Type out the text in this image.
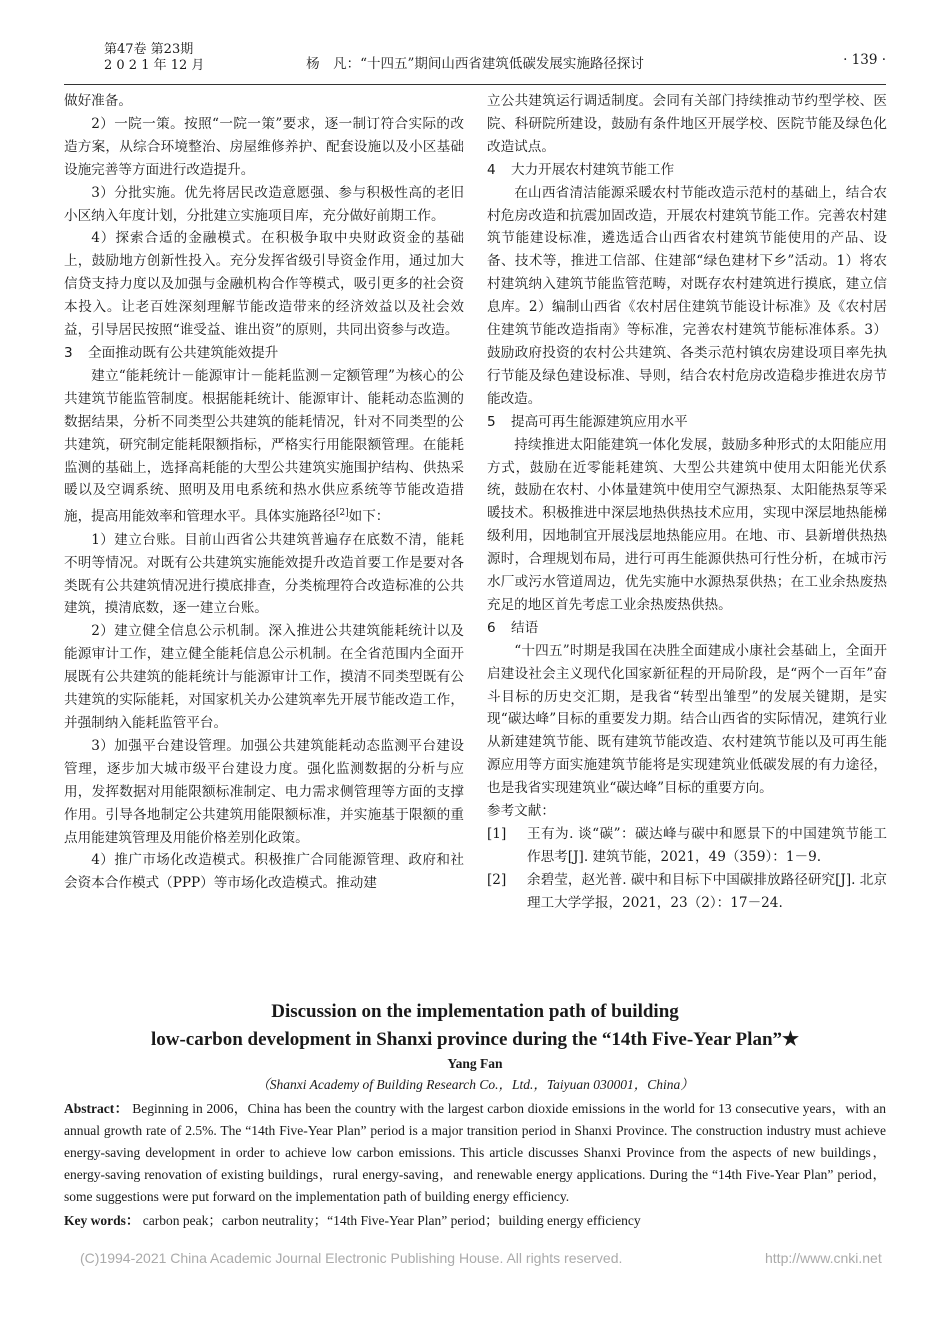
第47卷 第23期
2 0 2 1 年 12 月	杨　凡：“十四五”期间山西省建筑低碳发展实施路径探讨	· 139 ·

做好准备。

2）一院一策。按照“一院一策”要求，逐一制订符合实际的改造方案，从综合环境整治、房屋维修养护、配套设施以及小区基础设施完善等方面进行改造提升。

3）分批实施。优先将居民改造意愿强、参与积极性高的老旧小区纳入年度计划，分批建立实施项目库，充分做好前期工作。

4）探索合适的金融模式。在积极争取中央财政资金的基础上，鼓励地方创新性投入。充分发挥省级引导资金作用，通过加大信贷支持力度以及加强与金融机构合作等模式，吸引更多的社会资本投入。让老百姓深刻理解节能改造带来的经济效益以及社会效益，引导居民按照“谁受益、谁出资”的原则，共同出资参与改造。

3 全面推动既有公共建筑能效提升

建立“能耗统计－能源审计－能耗监测－定额管理”为核心的公共建筑节能监管制度。根据能耗统计、能源审计、能耗动态监测的数据结果，分析不同类型公共建筑的能耗情况，针对不同类型的公共建筑，研究制定能耗限额指标，严格实行用能限额管理。在能耗监测的基础上，选择高耗能的大型公共建筑实施围护结构、供热采暖以及空调系统、照明及用电系统和热水供应系统等节能改造措施，提高用能效率和管理水平。具体实施路径[2]如下：

1）建立台账。目前山西省公共建筑普遍存在底数不清，能耗不明等情况。对既有公共建筑实施能效提升改造首要工作是要对各类既有公共建筑情况进行摸底排查，分类梳理符合改造标准的公共建筑，摸清底数，逐一建立台账。

2）建立健全信息公示机制。深入推进公共建筑能耗统计以及能源审计工作，建立健全能耗信息公示机制。在全省范围内全面开展既有公共建筑的能耗统计与能源审计工作，摸清不同类型既有公共建筑的实际能耗，对国家机关办公建筑率先开展节能改造工作，并强制纳入能耗监管平台。

3）加强平台建设管理。加强公共建筑能耗动态监测平台建设管理，逐步加大城市级平台建设力度。强化监测数据的分析与应用，发挥数据对用能限额标准制定、电力需求侧管理等方面的支撑作用。引导各地制定公共建筑用能限额标准，并实施基于限额的重点用能建筑管理及用能价格差别化政策。

4）推广市场化改造模式。积极推广合同能源管理、政府和社会资本合作模式（PPP）等市场化改造模式。推动建

立公共建筑运行调适制度。会同有关部门持续推动节约型学校、医院、科研院所建设，鼓励有条件地区开展学校、医院节能及绿色化改造试点。

4 大力开展农村建筑节能工作

在山西省清洁能源采暖农村节能改造示范村的基础上，结合农村危房改造和抗震加固改造，开展农村建筑节能工作。完善农村建筑节能建设标准，遴选适合山西省农村建筑节能使用的产品、设备、技术等，推进工信部、住建部“绿色建材下乡”活动。1）将农村建筑纳入建筑节能监管范畴，对既存农村建筑进行摸底，建立信息库。2）编制山西省《农村居住建筑节能设计标准》及《农村居住建筑节能改造指南》等标准，完善农村建筑节能标准体系。3）鼓励政府投资的农村公共建筑、各类示范村镇农房建设项目率先执行节能及绿色建设标准、导则，结合农村危房改造稳步推进农房节能改造。

5 提高可再生能源建筑应用水平

持续推进太阳能建筑一体化发展，鼓励多种形式的太阳能应用方式，鼓励在近零能耗建筑、大型公共建筑中使用太阳能光伏系统，鼓励在农村、小体量建筑中使用空气源热泵、太阳能热泵等采暖技术。积极推进中深层地热供热技术应用，实现中深层地热能梯级利用，因地制宜开展浅层地热能应用。在地、市、县新增供热热源时，合理规划布局，进行可再生能源供热可行性分析，在城市污水厂或污水管道周边，优先实施中水源热泵供热；在工业余热废热充足的地区首先考虑工业余热废热供热。

6 结语

“十四五”时期是我国在决胜全面建成小康社会基础上，全面开启建设社会主义现代化国家新征程的开局阶段，是“两个一百年”奋斗目标的历史交汇期，是我省“转型出雏型”的发展关键期，是实现“碳达峰”目标的重要发力期。结合山西省的实际情况，建筑行业从新建建筑节能、既有建筑节能改造、农村建筑节能以及可再生能源应用等方面实施建筑节能将是实现建筑业低碳发展的有力途径，也是我省实现建筑业“碳达峰”目标的重要方向。

参考文献：

[1]	王有为. 谈“碳”：碳达峰与碳中和愿景下的中国建筑节能工作思考[J]. 建筑节能，2021，49（359）：1－9.
[2]	余碧莹，赵光普. 碳中和目标下中国碳排放路径研究[J]. 北京理工大学学报，2021，23（2）：17－24.
Discussion on the implementation path of building
low-carbon development in Shanxi province during the “14th Five-Year Plan”★
Yang Fan
（Shanxi Academy of Building Research Co.，Ltd.，Taiyuan 030001，China）
Abstract： Beginning in 2006，China has been the country with the largest carbon dioxide emissions in the world for 13 consecutive years，with an annual growth rate of 2.5%. The “14th Five-Year Plan” period is a major transition period in Shanxi Province. The construction industry must achieve energy-saving development in order to achieve low carbon emissions. This article discusses Shanxi Province from the aspects of new buildings，energy-saving renovation of existing buildings，rural energy-saving，and renewable energy applications. During the “14th Five-Year Plan” period，some suggestions were put forward on the implementation path of building energy efficiency.
Key words： carbon peak；carbon neutrality；“14th Five-Year Plan” period；building energy efficiency
(C)1994-2021 China Academic Journal Electronic Publishing House. All rights reserved.	http://www.cnki.net
